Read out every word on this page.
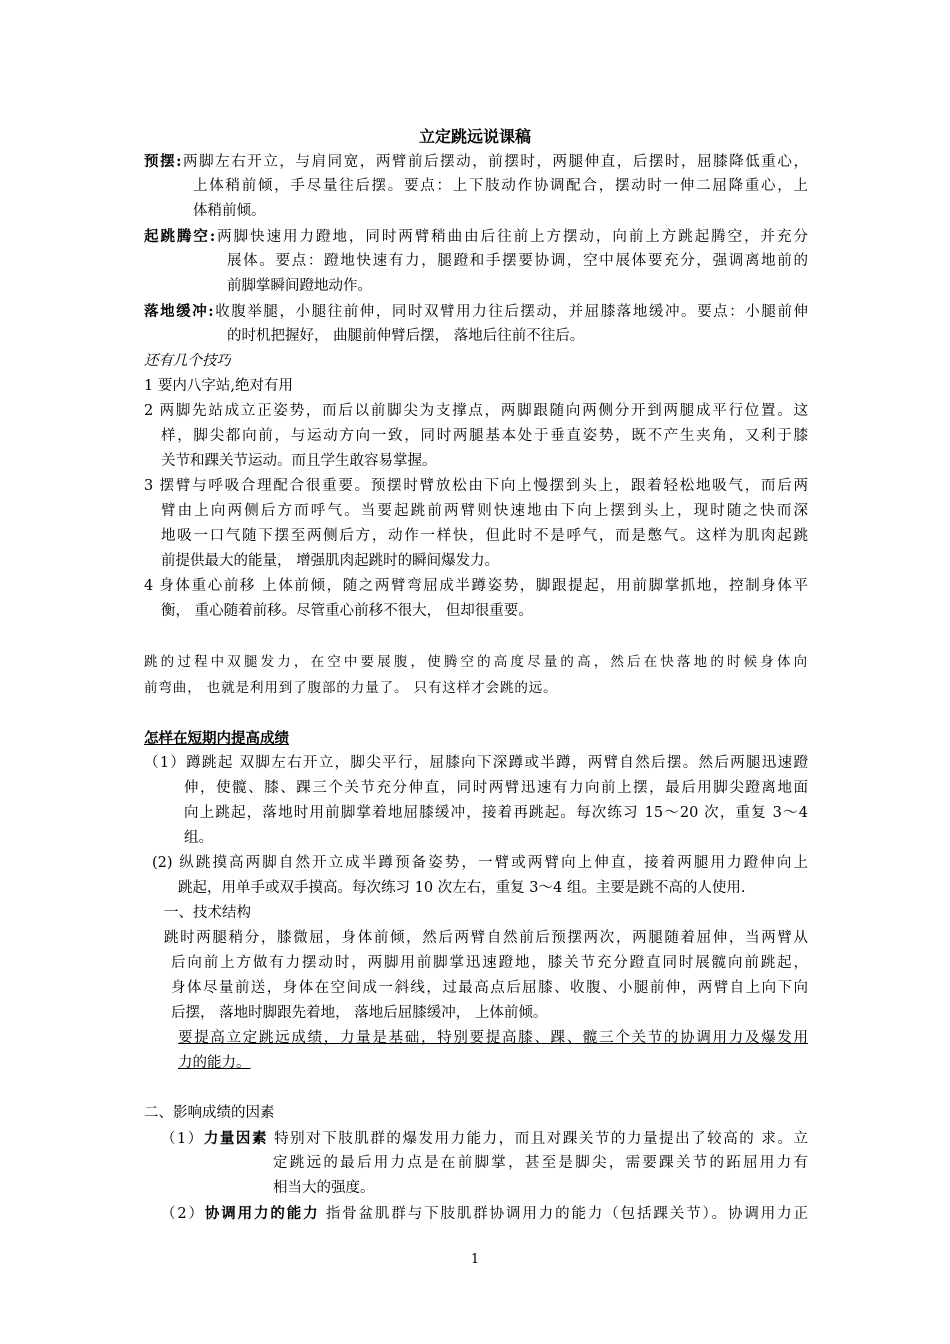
立定跳远说课稿
预摆:两脚左右开立，与肩同宽，两臂前后摆动，前摆时，两腿伸直，后摆时，屈膝降低重心，
上体稍前倾，手尽量往后摆。要点：上下肢动作协调配合，摆动时一伸二屈降重心，上
体稍前倾。
起跳腾空:两脚快速用力蹬地，同时两臂稍曲由后往前上方摆动，向前上方跳起腾空，并充分
展体。要点：蹬地快速有力，腿蹬和手摆要协调，空中展体要充分，强调离地前的
前脚掌瞬间蹬地动作。
落地缓冲:收腹举腿，小腿往前伸，同时双臂用力往后摆动，并屈膝落地缓冲。要点：小腿前伸
的时机把握好， 曲腿前伸臂后摆， 落地后往前不往后。
还有几个技巧
1 要内八字站,绝对有用
2 两脚先站成立正姿势，而后以前脚尖为支撑点，两脚跟随向两侧分开到两腿成平行位置。这
样，脚尖都向前，与运动方向一致，同时两腿基本处于垂直姿势，既不产生夹角，又利于膝
关节和踝关节运动。而且学生敢容易掌握。
3 摆臂与呼吸合理配合很重要。预摆时臂放松由下向上慢摆到头上，跟着轻松地吸气，而后两
臂由上向两侧后方而呼气。当要起跳前两臂则快速地由下向上摆到头上，现时随之快而深
地吸一口气随下摆至两侧后方，动作一样快，但此时不是呼气，而是憋气。这样为肌肉起跳
前提供最大的能量， 增强肌肉起跳时的瞬间爆发力。
4 身体重心前移 上体前倾，随之两臂弯屈成半蹲姿势，脚跟提起，用前脚掌抓地，控制身体平
衡， 重心随着前移。尽管重心前移不很大， 但却很重要。
跳的过程中双腿发力，在空中要展腹，使腾空的高度尽量的高，然后在快落地的时候身体向
前弯曲， 也就是利用到了腹部的力量了。 只有这样才会跳的远。
怎样在短期内提高成绩
（1）蹲跳起 双脚左右开立，脚尖平行，屈膝向下深蹲或半蹲，两臂自然后摆。然后两腿迅速蹬
伸，使髋、膝、踝三个关节充分伸直，同时两臂迅速有力向前上摆，最后用脚尖蹬离地面
向上跳起，落地时用前脚掌着地屈膝缓冲，接着再跳起。每次练习 15～20 次，重复 3～4
组。
(2) 纵跳摸高两脚自然开立成半蹲预备姿势，一臂或两臂向上伸直，接着两腿用力蹬伸向上
跳起，用单手或双手摸高。每次练习 10 次左右，重复 3～4 组。主要是跳不高的人使用.
一、技术结构
跳时两腿稍分，膝微屈，身体前倾，然后两臂自然前后预摆两次，两腿随着屈伸，当两臂从
后向前上方做有力摆动时，两脚用前脚掌迅速蹬地，膝关节充分蹬直同时展髋向前跳起，
身体尽量前送，身体在空间成一斜线，过最高点后屈膝、收腹、小腿前伸，两臂自上向下向
后摆， 落地时脚跟先着地， 落地后屈膝缓冲， 上体前倾。
要提高立定跳远成绩，力量是基础，特别要提高膝、踝、髋三个关节的协调用力及爆发用
力的能力。
二、影响成绩的因素
（1）力量因素 特别对下肢肌群的爆发用力能力，而且对踝关节的力量提出了较高的 求。立
定跳远的最后用力点是在前脚掌，甚至是脚尖，需要踝关节的跖屈用力有
相当大的强度。
（2）协调用力的能力 指骨盆肌群与下肢肌群协调用力的能力（包括踝关节）。协调用力正
1
